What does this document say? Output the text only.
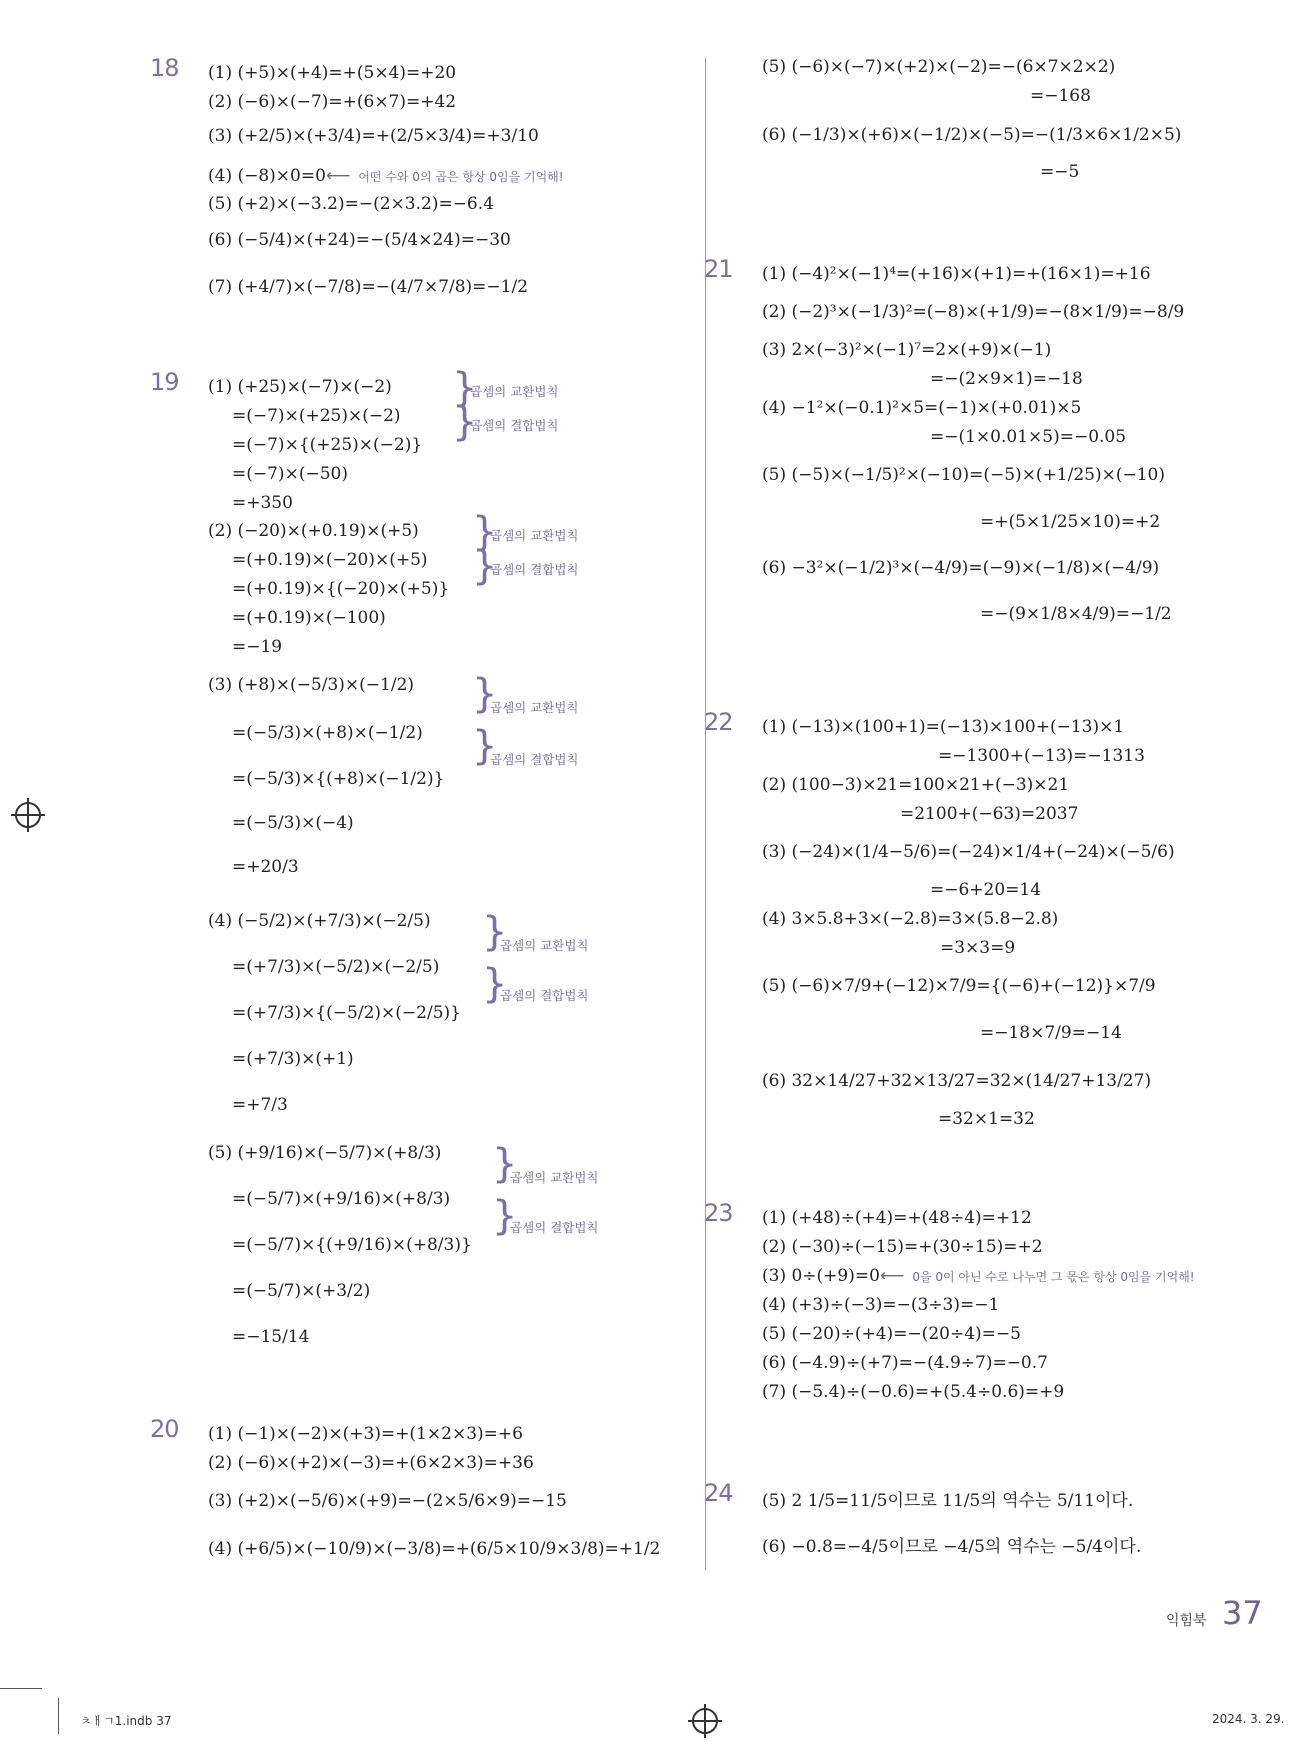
18 (1) (+5)×(+4)=+(5×4)=+20
(2) (−6)×(−7)=+(6×7)=+42
(3) (+2/5)×(+3/4)=+(2/5×3/4)=+3/10
(4) (−8)×0=0 ⟵ 어떤 수와 0의 곱은 항상 0임을 기억해!
(5) (+2)×(−3.2)=−(2×3.2)=−6.4
(6) (−5/4)×(+24)=−(5/4×24)=−30
(7) (+4/7)×(−7/8)=−(4/7×7/8)=−1/2
19 (1) (+25)×(−7)×(−2)
=(−7)×(+25)×(−2)
=(−7)×{(+25)×(−2)}
=(−7)×(−50)
=+350
}
곱셈의 교환법칙
}
곱셈의 결합법칙
(2) (−20)×(+0.19)×(+5)
=(+0.19)×(−20)×(+5)
=(+0.19)×{(−20)×(+5)}
=(+0.19)×(−100)
=−19
}
곱셈의 교환법칙
}
곱셈의 결합법칙
(3) (+8)×(−5/3)×(−1/2)
=(−5/3)×(+8)×(−1/2)
=(−5/3)×{(+8)×(−1/2)}
=(−5/3)×(−4)
=+20/3
}
곱셈의 교환법칙
}
곱셈의 결합법칙
(4) (−5/2)×(+7/3)×(−2/5)
=(+7/3)×(−5/2)×(−2/5)
=(+7/3)×{(−5/2)×(−2/5)}
=(+7/3)×(+1)
=+7/3
}
곱셈의 교환법칙
}
곱셈의 결합법칙
(5) (+9/16)×(−5/7)×(+8/3)
=(−5/7)×(+9/16)×(+8/3)
=(−5/7)×{(+9/16)×(+8/3)}
=(−5/7)×(+3/2)
=−15/14
}
곱셈의 교환법칙
}
곱셈의 결합법칙
20 (1) (−1)×(−2)×(+3)=+(1×2×3)=+6
(2) (−6)×(+2)×(−3)=+(6×2×3)=+36
(3) (+2)×(−5/6)×(+9)=−(2×5/6×9)=−15
(4) (+6/5)×(−10/9)×(−3/8)=+(6/5×10/9×3/8)=+1/2
(5) (−6)×(−7)×(+2)×(−2)=−(6×7×2×2)
=−168
(6) (−1/3)×(+6)×(−1/2)×(−5)=−(1/3×6×1/2×5)
=−5
21 (1) (−4)²×(−1)⁴=(+16)×(+1)=+(16×1)=+16
(2) (−2)³×(−1/3)²=(−8)×(+1/9)=−(8×1/9)=−8/9
(3) 2×(−3)²×(−1)⁷=2×(+9)×(−1)
=−(2×9×1)=−18
(4) −1²×(−0.1)²×5=(−1)×(+0.01)×5
=−(1×0.01×5)=−0.05
(5) (−5)×(−1/5)²×(−10)=(−5)×(+1/25)×(−10)
=+(5×1/25×10)=+2
(6) −3²×(−1/2)³×(−4/9)=(−9)×(−1/8)×(−4/9)
=−(9×1/8×4/9)=−1/2
22 (1) (−13)×(100+1)=(−13)×100+(−13)×1
=−1300+(−13)=−1313
(2) (100−3)×21=100×21+(−3)×21
=2100+(−63)=2037
(3) (−24)×(1/4−5/6)=(−24)×1/4+(−24)×(−5/6)
=−6+20=14
(4) 3×5.8+3×(−2.8)=3×(5.8−2.8)
=3×3=9
(5) (−6)×7/9+(−12)×7/9={(−6)+(−12)}×7/9
=−18×7/9=−14
(6) 32×14/27+32×13/27=32×(14/27+13/27)
=32×1=32
23 (1) (+48)÷(+4)=+(48÷4)=+12
(2) (−30)÷(−15)=+(30÷15)=+2
(3) 0÷(+9)=0 ⟵ 0을 0이 아닌 수로 나누면 그 몫은 항상 0임을 기억해!
(4) (+3)÷(−3)=−(3÷3)=−1
(5) (−20)÷(+4)=−(20÷4)=−5
(6) (−4.9)÷(+7)=−(4.9÷7)=−0.7
(7) (−5.4)÷(−0.6)=+(5.4÷0.6)=+9
24 (5) 2 1/5=11/5이므로 11/5의 역수는 5/11이다.
(6) −0.8=−4/5이므로 −4/5의 역수는 −5/4이다.
익힘북 37
ㅊㅐㄱ1.indb 37	2024. 3. 29.
